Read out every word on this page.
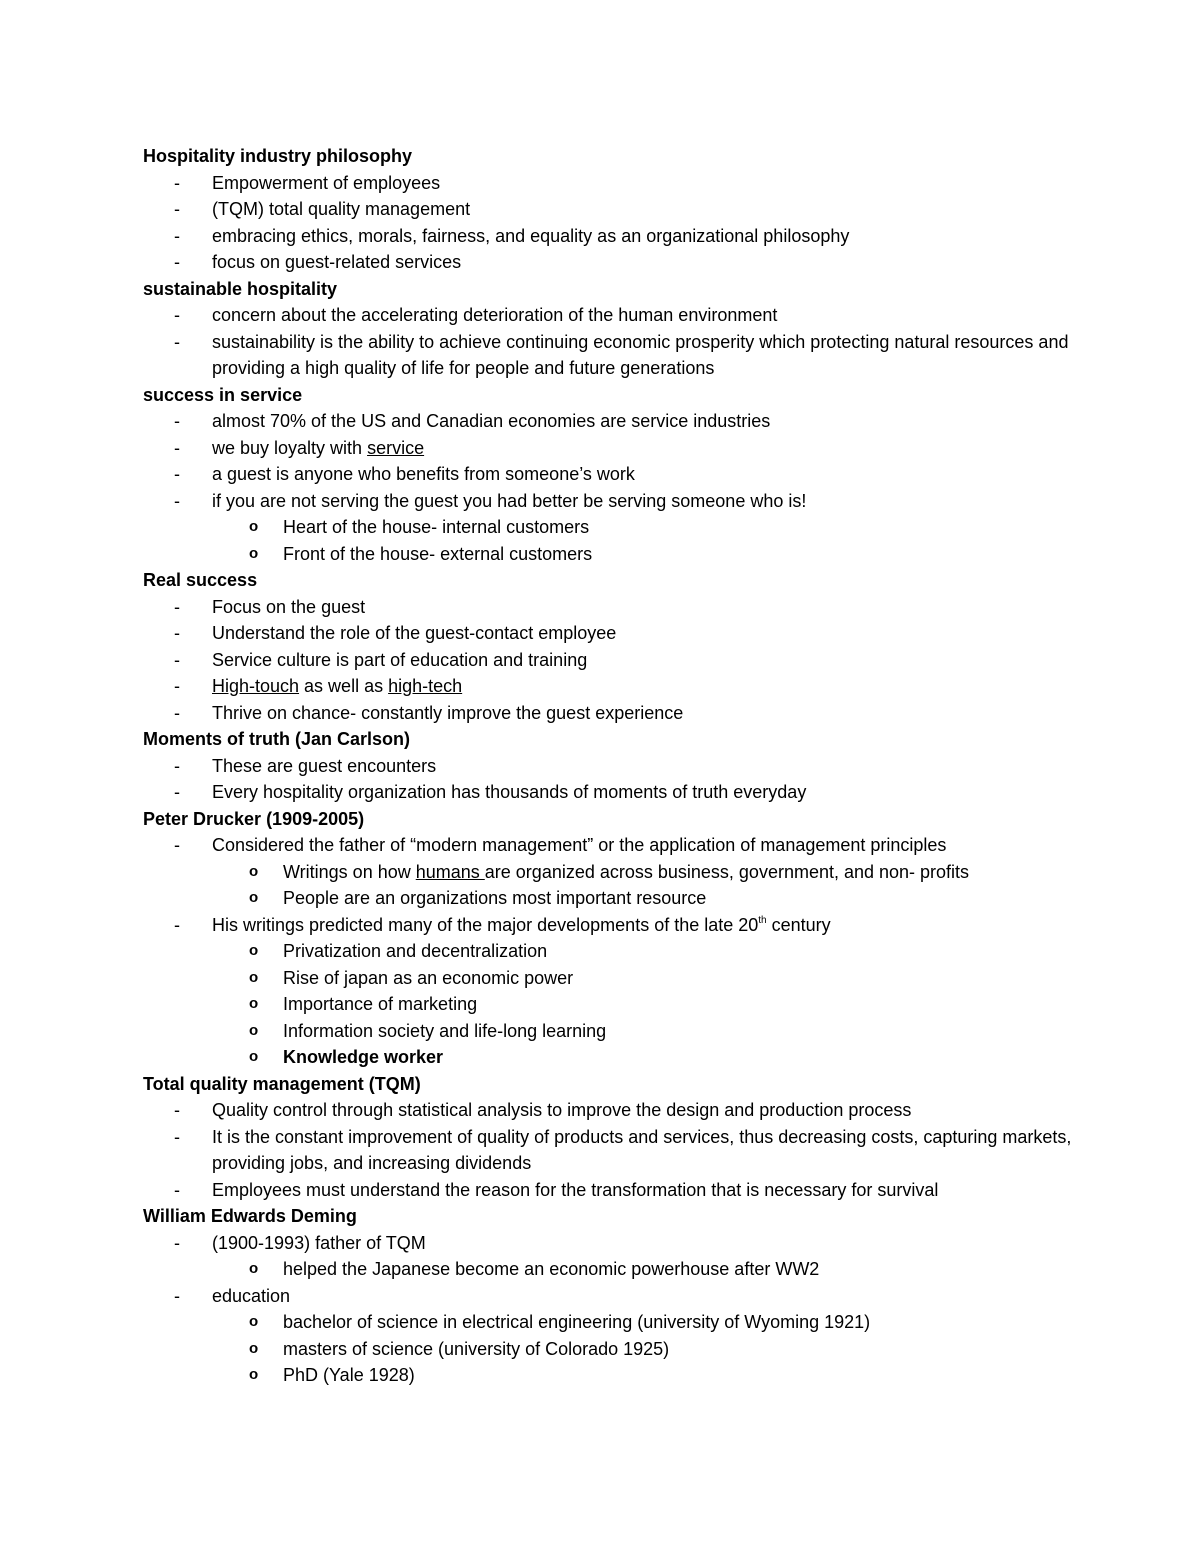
Hospitality industry philosophy
- Empowerment of employees
- (TQM) total quality management
- embracing ethics, morals, fairness, and equality as an organizational philosophy
- focus on guest-related services
sustainable hospitality
- concern about the accelerating deterioration of the human environment
- sustainability is the ability to achieve continuing economic prosperity which protecting natural resources and providing a high quality of life for people and future generations
success in service
- almost 70% of the US and Canadian economies are service industries
- we buy loyalty with service
- a guest is anyone who benefits from someone’s work
- if you are not serving the guest you had better be serving someone who is!
o Heart of the house- internal customers
o Front of the house- external customers
Real success
- Focus on the guest
- Understand the role of the guest-contact employee
- Service culture is part of education and training
- High-touch as well as high-tech
- Thrive on chance- constantly improve the guest experience
Moments of truth (Jan Carlson)
- These are guest encounters
- Every hospitality organization has thousands of moments of truth everyday
Peter Drucker (1909-2005)
- Considered the father of “modern management” or the application of management principles
o Writings on how humans are organized across business, government, and non- profits
o People are an organizations most important resource
- His writings predicted many of the major developments of the late 20th century
o Privatization and decentralization
o Rise of japan as an economic power
o Importance of marketing
o Information society and life-long learning
o Knowledge worker
Total quality management (TQM)
- Quality control through statistical analysis to improve the design and production process
- It is the constant improvement of quality of products and services, thus decreasing costs, capturing markets, providing jobs, and increasing dividends
- Employees must understand the reason for the transformation that is necessary for survival
William Edwards Deming
- (1900-1993) father of TQM
o helped the Japanese become an economic powerhouse after WW2
- education
o bachelor of science in electrical engineering (university of Wyoming 1921)
o masters of science (university of Colorado 1925)
o PhD (Yale 1928)
